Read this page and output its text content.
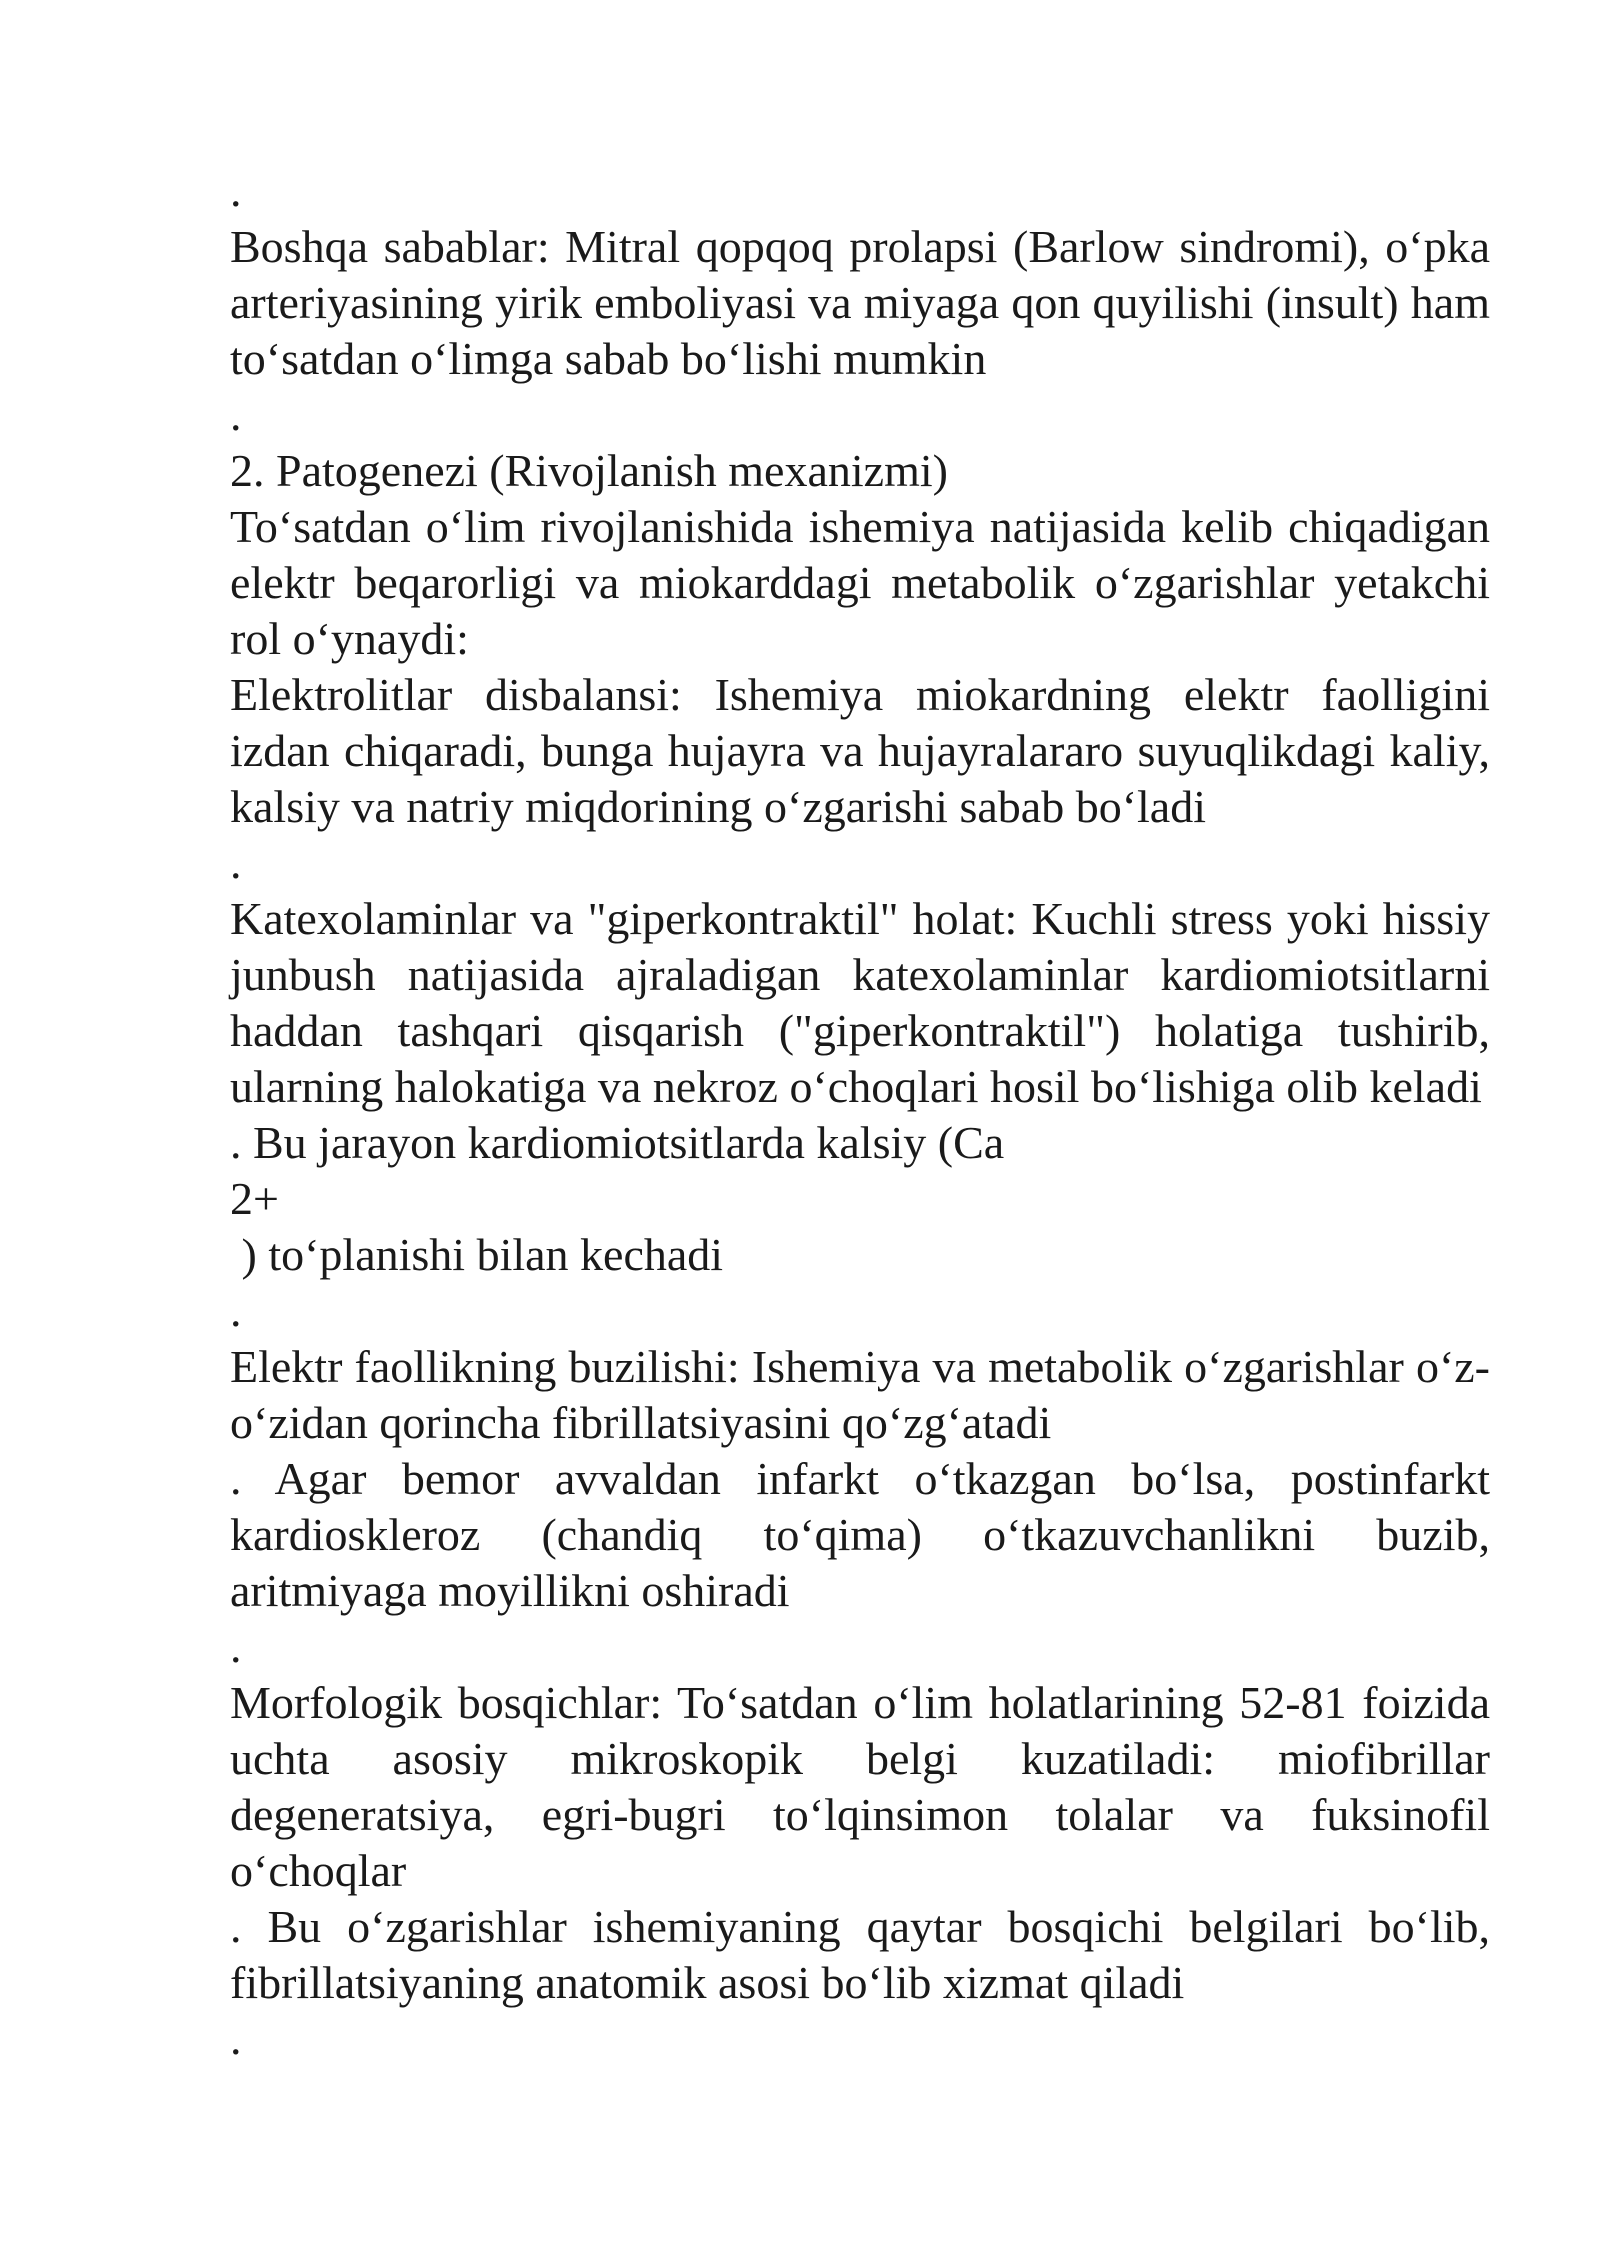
.

Boshqa sabablar: Mitral qopqoq prolapsi (Barlow sindromi), o‘pka arteriyasining yirik emboliyasi va miyaga qon quyilishi (insult) ham to‘satdan o‘limga sabab bo‘lishi mumkin

.

2. Patogenezi (Rivojlanish mexanizmi)

To‘satdan o‘lim rivojlanishida ishemiya natijasida kelib chiqadigan elektr beqarorligi va miokarddagi metabolik o‘zgarishlar yetakchi rol o‘ynaydi:

Elektrolitlar disbalansi: Ishemiya miokardning elektr faolligini izdan chiqaradi, bunga hujayra va hujayralararo suyuqlikdagi kaliy, kalsiy va natriy miqdorining o‘zgarishi sabab bo‘ladi

.

Katexolaminlar va "giperkontraktil" holat: Kuchli stress yoki hissiy junbush natijasida ajraladigan katexolaminlar kardiomiotsitlarni haddan tashqari qisqarish ("giperkontraktil") holatiga tushirib, ularning halokatiga va nekroz o‘choqlari hosil bo‘lishiga olib keladi

. Bu jarayon kardiomiotsitlarda kalsiy (Ca

2+

) to‘planishi bilan kechadi

.

Elektr faollikning buzilishi: Ishemiya va metabolik o‘zgarishlar o‘z-o‘zidan qorincha fibrillatsiyasini qo‘zg‘atadi

. Agar bemor avvaldan infarkt o‘tkazgan bo‘lsa, postinfarkt kardioskleroz (chandiq to‘qima) o‘tkazuvchanlikni buzib, aritmiyaga moyillikni oshiradi

.

Morfologik bosqichlar: To‘satdan o‘lim holatlarining 52-81 foizida uchta asosiy mikroskopik belgi kuzatiladi: miofibrillar degeneratsiya, egri-bugri to‘lqinsimon tolalar va fuksinofil o‘choqlar

. Bu o‘zgarishlar ishemiyaning qaytar bosqichi belgilari bo‘lib, fibrillatsiyaning anatomik asosi bo‘lib xizmat qiladi

.
